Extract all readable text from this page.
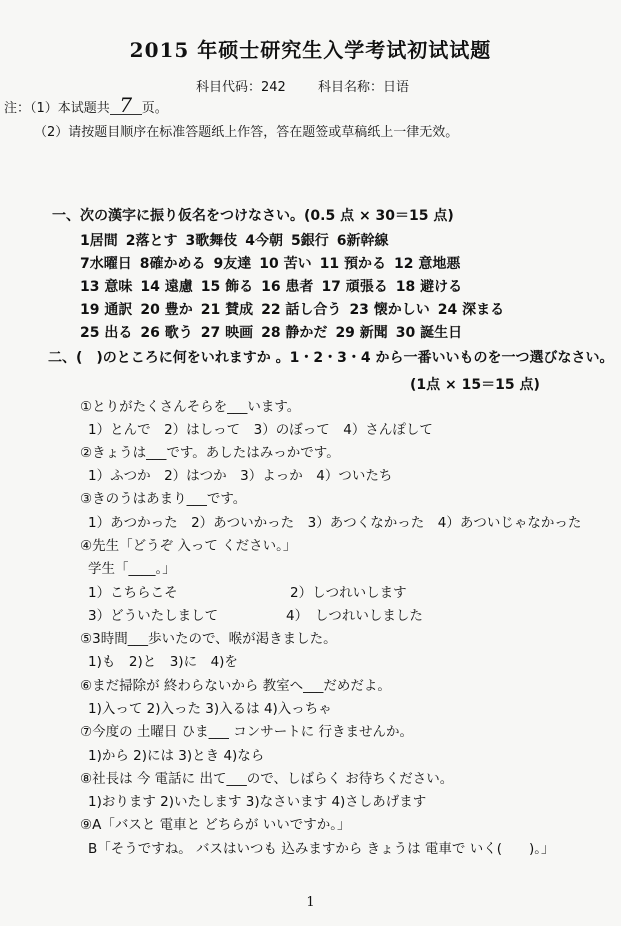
2015 年硕士研究生入学考试初试试题
科目代码：242 科目名称：日语
注：（1）本试题共 7 页。
（2）请按题目顺序在标准答题纸上作答，答在题签或草稿纸上一律无效。
一、次の漢字に振り仮名をつけなさい。(0.5 点 × 30＝15 点)
1居間 2落とす 3歌舞伎 4今朝 5銀行 6新幹線
7水曜日 8確かめる 9友達 10 苦い 11 預かる 12 意地悪
13 意味 14 遠慮 15 飾る 16 患者 17 頑張る 18 避ける
19 通訳 20 豊か 21 賛成 22 話し合う 23 懐かしい 24 深まる
25 出る 26 歌う 27 映画 28 静かだ 29 新聞 30 誕生日
二、(　)のところに何をいれますか 。1・2・3・4 から一番いいものを一つ選びなさい。
(1点 × 15＝15 点)
①とりがたくさんそらを___います。
1）とんで　2）はしって　3）のぼって　4）さんぽして
②きょうは___です。あしたはみっかです。
1）ふつか　2）はつか　3）よっか　4）ついたち
③きのうはあまり___です。
1）あつかった　2）あついかった　3）あつくなかった　4）あついじゃなかった
④先生「どうぞ 入って ください。」
学生「____。」
1）こちらこそ	2）しつれいします
3）どういたしまして	4）　しつれいしました
⑤3時間___歩いたので、喉が渇きました。
1)も　2)と　3)に　4)を
⑥まだ掃除が 終わらないから 教室へ___だめだよ。
1)入って 2)入った 3)入るは 4)入っちゃ
⑦今度の 土曜日 ひま___ コンサートに 行きませんか。
1)から 2)には 3)とき 4)なら
⑧社長は 今 電話に 出て___ので、しばらく お待ちください。
1)おります 2)いたします 3)なさいます 4)さしあげます
⑨A「バスと 電車と どちらが いいですか。」
B「そうですね。 バスはいつも 込みますから きょうは 電車で いく(　　)。」
1
